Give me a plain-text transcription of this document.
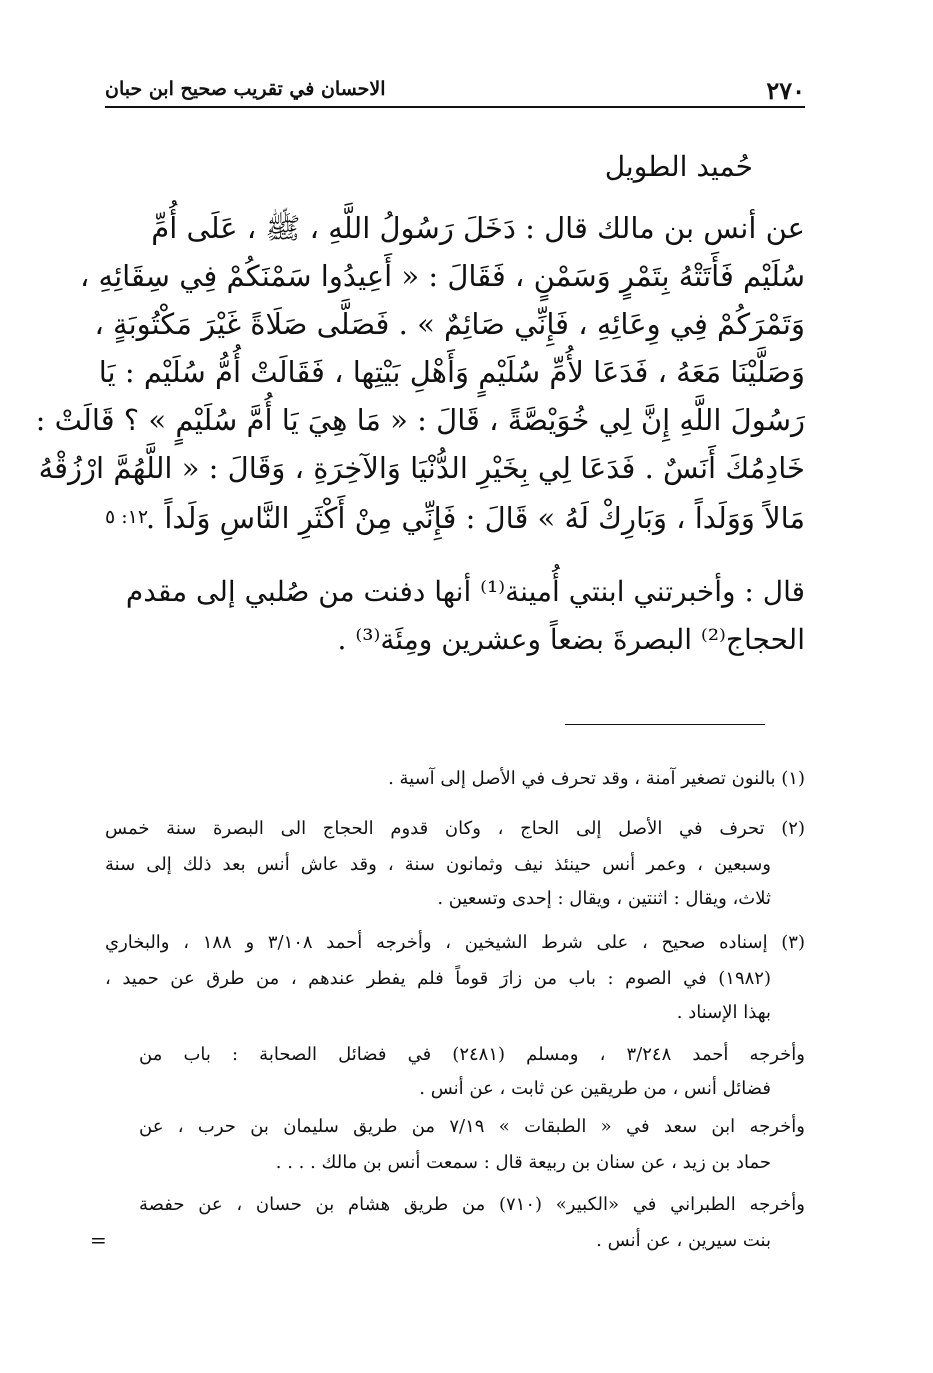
٢٧٠
الاحسان في تقريب صحيح ابن حبان
حُميد الطويل
عن أنس بن مالك قال : دَخَلَ رَسُولُ اللَّهِ ، ﷺ ، عَلَى أُمِّ
سُلَيْم فَأَتَتْهُ بِتَمْرٍ وَسَمْنٍ ، فَقَالَ : « أَعِيدُوا سَمْنَكُمْ فِي سِقَائِهِ ،
وَتَمْرَكُمْ فِي وِعَائِهِ ، فَإِنِّي صَائِمٌ » . فَصَلَّى صَلَاةً غَيْرَ مَكْتُوبَةٍ ،
وَصَلَّيْنَا مَعَهُ ، فَدَعَا لأُمِّ سُلَيْمٍ وَأَهْلِ بَيْتِها ، فَقَالَتْ أُمُّ سُلَيْم : يَا
رَسُولَ اللَّهِ إِنَّ لِي خُوَيْصَّةً ، قَالَ : « مَا هِيَ يَا أُمَّ سُلَيْمٍ » ؟ قَالَتْ :
خَادِمُكَ أَنَسٌ . فَدَعَا لِي بِخَيْرِ الدُّنْيَا وَالآخِرَةِ ، وَقَالَ : « اللَّهُمَّ ارْزُقْهُ
مَالاً وَوَلَداً ، وَبَارِكْ لَهُ » قَالَ : فَإِنِّي مِنْ أَكْثَرِ النَّاسِ وَلَداً .
١٢: ٥
قال : وأخبرتني ابنتي أُمينة⁽¹⁾ أنها دفنت من صُلبي إلى مقدم
الحجاج⁽²⁾ البصرةَ بضعاً وعشرين ومِئَة⁽³⁾ .
(١) بالنون تصغير آمنة ، وقد تحرف في الأصل إلى آسية .
(٢) تحرف في الأصل إلى الحاج ، وكان قدوم الحجاج الى البصرة سنة خمس
وسبعين ، وعمر أنس حينئذ نيف وثمانون سنة ، وقد عاش أنس بعد ذلك إلى سنة
ثلاث، ويقال : اثنتين ، ويقال : إحدى وتسعين .
(٣) إسناده صحيح ، على شرط الشيخين ، وأخرجه أحمد ٣/١٠٨ و ١٨٨ ، والبخاري
(١٩٨٢) في الصوم : باب من زارَ قوماً فلم يفطر عندهم ، من طرق عن حميد ،
بهذا الإسناد .
وأخرجه أحمد ٣/٢٤٨ ، ومسلم (٢٤٨١) في فضائل الصحابة : باب من
فضائل أنس ، من طريقين عن ثابت ، عن أنس .
وأخرجه ابن سعد في « الطبقات » ٧/١٩ من طريق سليمان بن حرب ، عن
حماد بن زيد ، عن سنان بن ربيعة قال : سمعت أنس بن مالك . . . .
وأخرجه الطبراني في «الكبير» (٧١٠) من طريق هشام بن حسان ، عن حفصة
بنت سيرين ، عن أنس .
=
